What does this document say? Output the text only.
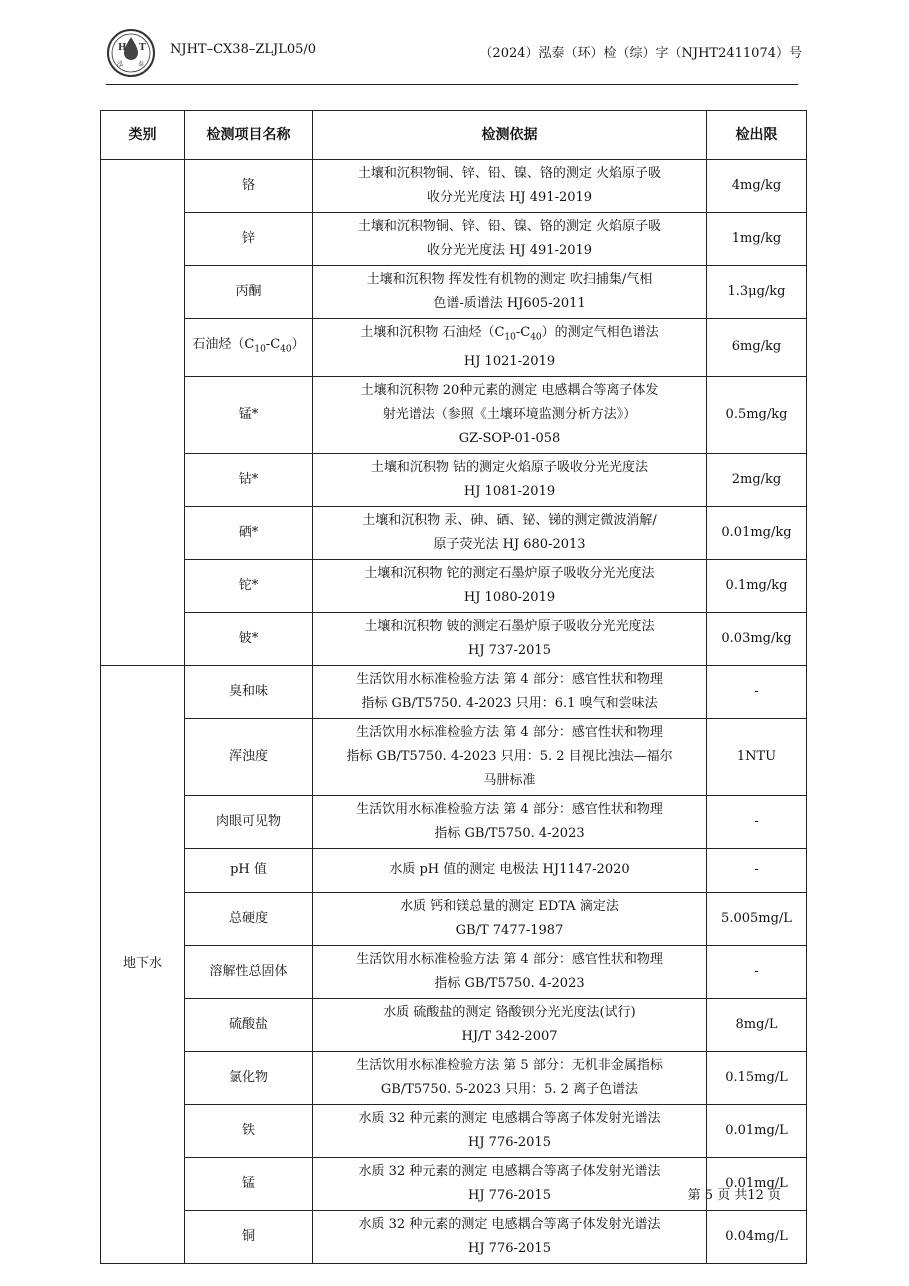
H T
泓 泰
NJHT–CX38–ZLJL05/0	（2024）泓泰（环）检（综）字（NJHT2411074）号
类别	检测项目名称	检测依据	检出限
	铬	土壤和沉积物铜、锌、铅、镍、铬的测定 火焰原子吸
收分光光度法 HJ 491-2019	4mg/kg
	锌	土壤和沉积物铜、锌、铅、镍、铬的测定 火焰原子吸
收分光光度法 HJ 491-2019	1mg/kg
	丙酮	土壤和沉积物 挥发性有机物的测定 吹扫捕集/气相
色谱-质谱法 HJ605-2011	1.3μg/kg
	石油烃$(C_{10}-C_{40})$	土壤和沉积物 石油烃$(C_{10}-C_{40})$的测定气相色谱法
HJ 1021-2019	6mg/kg
	锰*	土壤和沉积物 20种元素的测定 电感耦合等离子体发
射光谱法（参照《土壤环境监测分析方法》）
GZ-SOP-01-058	0.5mg/kg
	钴*	土壤和沉积物 钴的测定火焰原子吸收分光光度法
HJ 1081-2019	2mg/kg
	硒*	土壤和沉积物 汞、砷、硒、铋、锑的测定微波消解/
原子荧光法 HJ 680-2013	0.01mg/kg
	铊*	土壤和沉积物 铊的测定石墨炉原子吸收分光光度法
HJ 1080-2019	0.1mg/kg
	铍*	土壤和沉积物 铍的测定石墨炉原子吸收分光光度法
HJ 737-2015	0.03mg/kg
地下水	臭和味	生活饮用水标准检验方法 第 4 部分：感官性状和物理
指标 GB/T5750. 4-2023 只用：6.1 嗅气和尝味法	-
	浑浊度	生活饮用水标准检验方法 第 4 部分：感官性状和物理
指标 GB/T5750. 4-2023 只用：5. 2 目视比浊法—福尔
马肼标准	1NTU
	肉眼可见物	生活饮用水标准检验方法 第 4 部分：感官性状和物理
指标 GB/T5750. 4-2023	-
	pH 值	水质 pH 值的测定 电极法 HJ1147-2020	-
	总硬度	水质 钙和镁总量的测定 EDTA 滴定法
GB/T 7477-1987	5.005mg/L
	溶解性总固体	生活饮用水标准检验方法 第 4 部分：感官性状和物理
指标 GB/T5750. 4-2023	-
	硫酸盐	水质 硫酸盐的测定 铬酸钡分光光度法(试行)
HJ/T 342-2007	8mg/L
	氯化物	生活饮用水标准检验方法 第 5 部分：无机非金属指标
GB/T5750. 5-2023 只用：5. 2 离子色谱法	0.15mg/L
	铁	水质 32 种元素的测定 电感耦合等离子体发射光谱法
HJ 776-2015	0.01mg/L
	锰	水质 32 种元素的测定 电感耦合等离子体发射光谱法
HJ 776-2015	0.01mg/L
	铜	水质 32 种元素的测定 电感耦合等离子体发射光谱法
HJ 776-2015	0.04mg/L
第 5 页 共12 页
